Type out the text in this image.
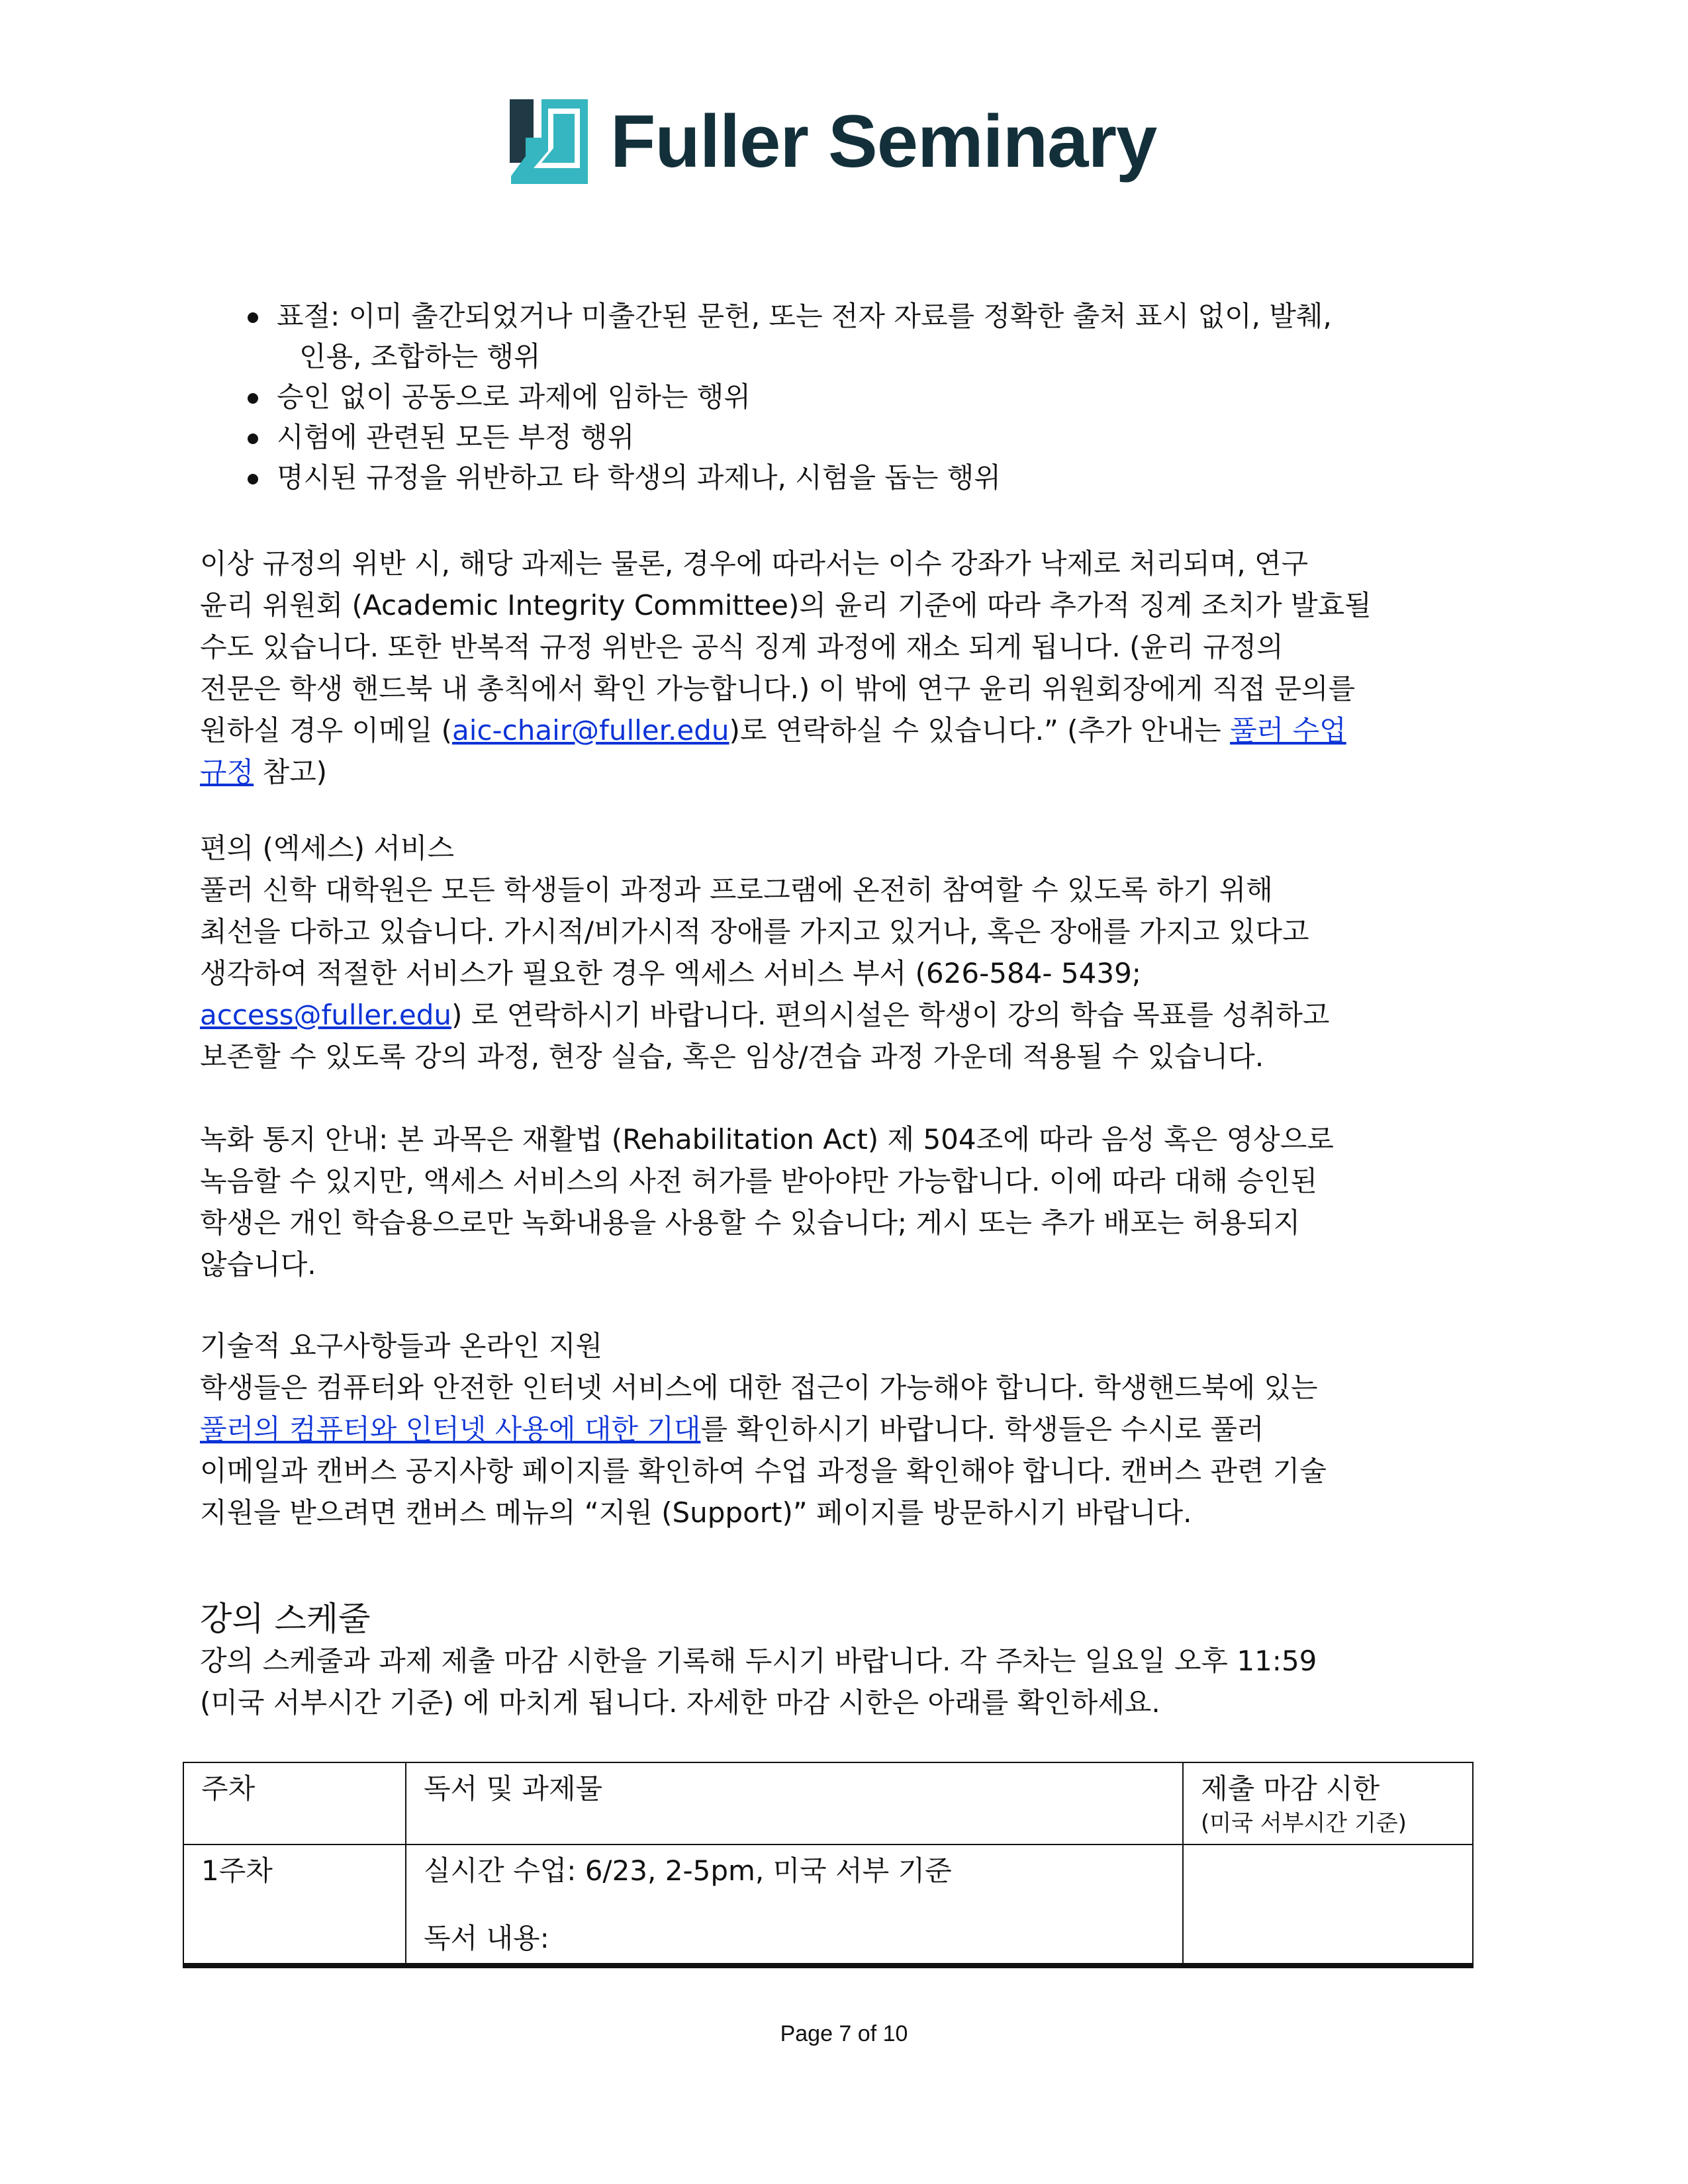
Fuller Seminary
표절: 이미 출간되었거나 미출간된 문헌, 또는 전자 자료를 정확한 출처 표시 없이, 발췌,
인용, 조합하는 행위
승인 없이 공동으로 과제에 임하는 행위
시험에 관련된 모든 부정 행위
명시된 규정을 위반하고 타 학생의 과제나, 시험을 돕는 행위

이상 규정의 위반 시, 해당 과제는 물론, 경우에 따라서는 이수 강좌가 낙제로 처리되며, 연구

윤리 위원회 (Academic Integrity Committee)의 윤리 기준에 따라 추가적 징계 조치가 발효될

수도 있습니다. 또한 반복적 규정 위반은 공식 징계 과정에 재소 되게 됩니다. (윤리 규정의

전문은 학생 핸드북 내 총칙에서 확인 가능합니다.) 이 밖에 연구 윤리 위원회장에게 직접 문의를

원하실 경우 이메일 (aic-chair@fuller.edu)로 연락하실 수 있습니다.” (추가 안내는 풀러 수업

규정 참고)

편의 (엑세스) 서비스

풀러 신학 대학원은 모든 학생들이 과정과 프로그램에 온전히 참여할 수 있도록 하기 위해

최선을 다하고 있습니다. 가시적/비가시적 장애를 가지고 있거나, 혹은 장애를 가지고 있다고

생각하여 적절한 서비스가 필요한 경우 엑세스 서비스 부서 (626-584- 5439;

access@fuller.edu) 로 연락하시기 바랍니다. 편의시설은 학생이 강의 학습 목표를 성취하고

보존할 수 있도록 강의 과정, 현장 실습, 혹은 임상/견습 과정 가운데 적용될 수 있습니다.

녹화 통지 안내: 본 과목은 재활법 (Rehabilitation Act) 제 504조에 따라 음성 혹은 영상으로

녹음할 수 있지만, 액세스 서비스의 사전 허가를 받아야만 가능합니다. 이에 따라 대해 승인된

학생은 개인 학습용으로만 녹화내용을 사용할 수 있습니다; 게시 또는 추가 배포는 허용되지

않습니다.

기술적 요구사항들과 온라인 지원

학생들은 컴퓨터와 안전한 인터넷 서비스에 대한 접근이 가능해야 합니다. 학생핸드북에 있는

풀러의 컴퓨터와 인터넷 사용에 대한 기대를 확인하시기 바랍니다. 학생들은 수시로 풀러

이메일과 캔버스 공지사항 페이지를 확인하여 수업 과정을 확인해야 합니다. 캔버스 관련 기술

지원을 받으려면 캔버스 메뉴의 “지원 (Support)” 페이지를 방문하시기 바랍니다.

강의 스케줄

강의 스케줄과 과제 제출 마감 시한을 기록해 두시기 바랍니다. 각 주차는 일요일 오후 11:59

(미국 서부시간 기준) 에 마치게 됩니다. 자세한 마감 시한은 아래를 확인하세요.

주차	독서 및 과제물	제출 마감 시한
(미국 서부시간 기준)

1주차	실시간 수업: 6/23, 2-5pm, 미국 서부 기준
독서 내용:	

Page 7 of 10
